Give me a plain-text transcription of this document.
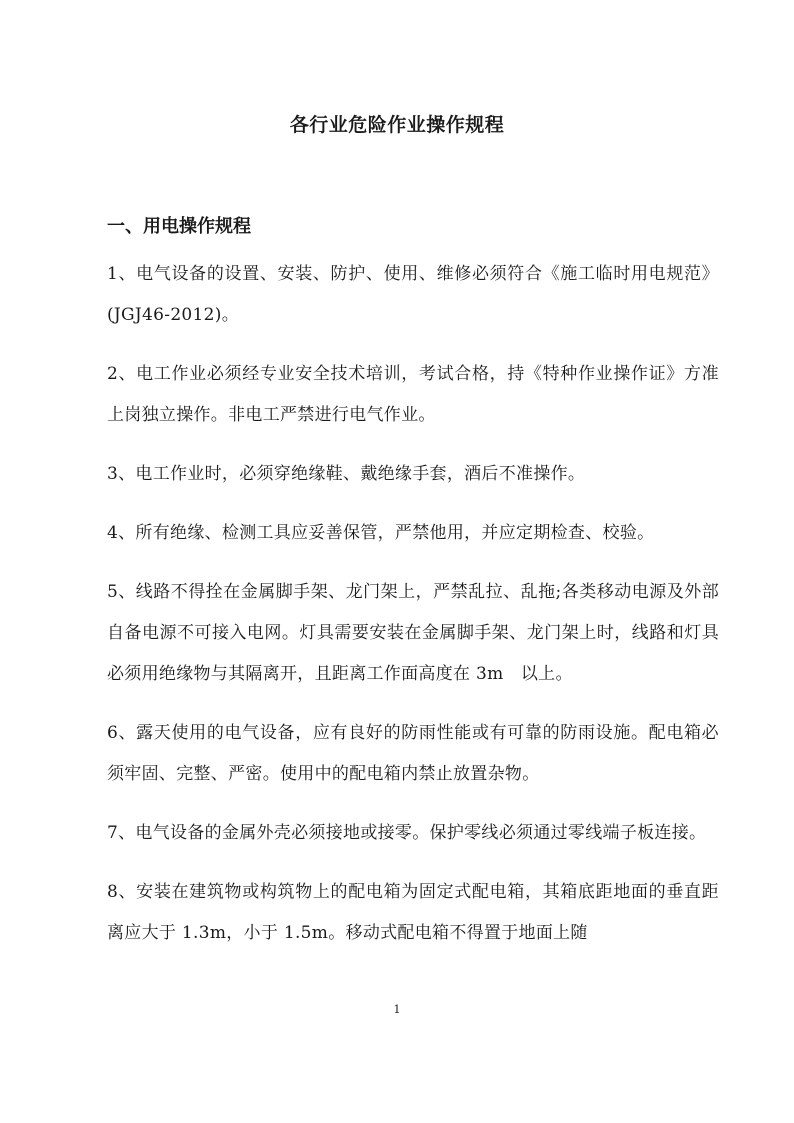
各行业危险作业操作规程
一、用电操作规程

1、电气设备的设置、安装、防护、使用、维修必须符合《施工临时用电规范》(JGJ46-2012)。

2、电工作业必须经专业安全技术培训，考试合格，持《特种作业操作证》方准上岗独立操作。非电工严禁进行电气作业。

3、电工作业时，必须穿绝缘鞋、戴绝缘手套，酒后不准操作。

4、所有绝缘、检测工具应妥善保管，严禁他用，并应定期检查、校验。

5、线路不得拴在金属脚手架、龙门架上，严禁乱拉、乱拖;各类移动电源及外部自备电源不可接入电网。灯具需要安装在金属脚手架、龙门架上时，线路和灯具必须用绝缘物与其隔离开，且距离工作面高度在 3m　以上。

6、露天使用的电气设备，应有良好的防雨性能或有可靠的防雨设施。配电箱必须牢固、完整、严密。使用中的配电箱内禁止放置杂物。

7、电气设备的金属外壳必须接地或接零。保护零线必须通过零线端子板连接。

8、安装在建筑物或构筑物上的配电箱为固定式配电箱，其箱底距地面的垂直距离应大于 1.3m，小于 1.5m。移动式配电箱不得置于地面上随

1
